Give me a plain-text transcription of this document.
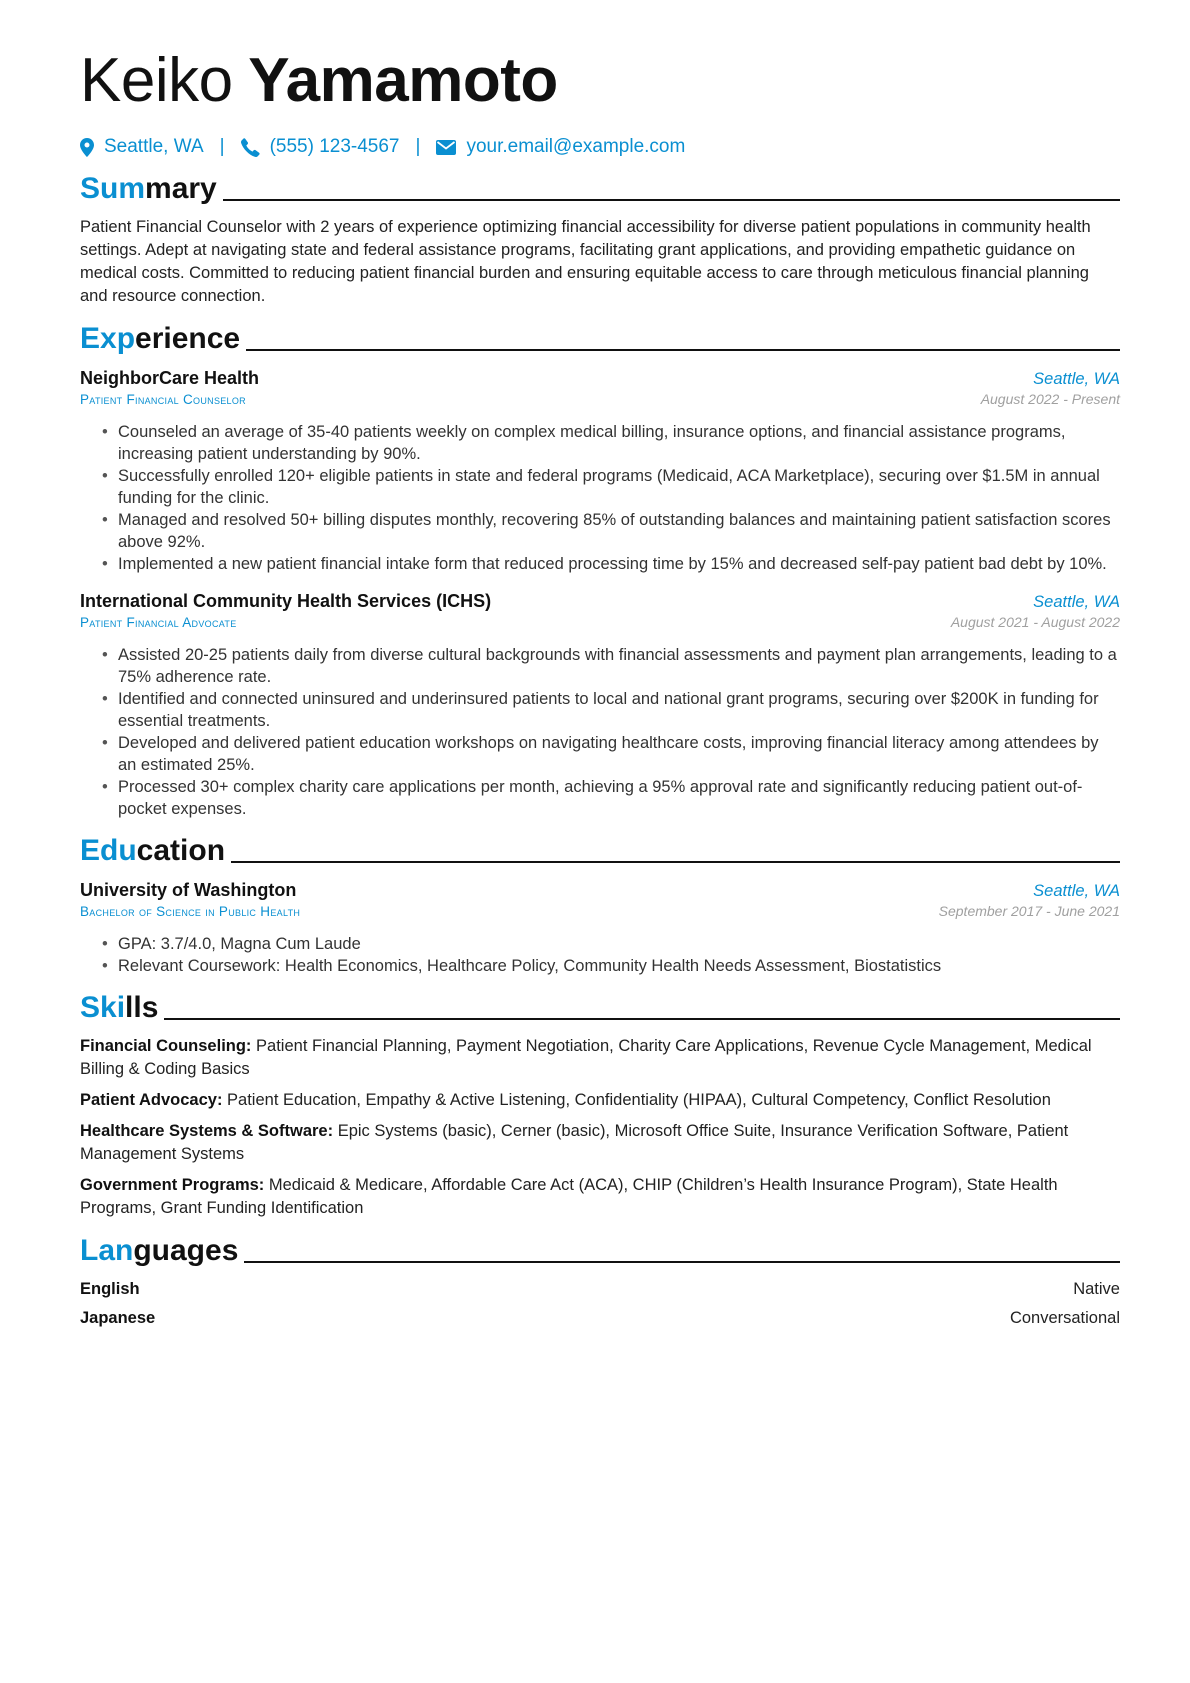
Keiko Yamamoto
Seattle, WA | (555) 123-4567 | your.email@example.com
Summary

Patient Financial Counselor with 2 years of experience optimizing financial accessibility for diverse patient populations in community health settings. Adept at navigating state and federal assistance programs, facilitating grant applications, and providing empathetic guidance on medical costs. Committed to reducing patient financial burden and ensuring equitable access to care through meticulous financial planning and resource connection.

Experience
NeighborCare Health	Seattle, WA
Patient Financial Counselor	August 2022 - Present
• Counseled an average of 35-40 patients weekly on complex medical billing, insurance options, and financial assistance programs, increasing patient understanding by 90%.
• Successfully enrolled 120+ eligible patients in state and federal programs (Medicaid, ACA Marketplace), securing over $1.5M in annual funding for the clinic.
• Managed and resolved 50+ billing disputes monthly, recovering 85% of outstanding balances and maintaining patient satisfaction scores above 92%.
• Implemented a new patient financial intake form that reduced processing time by 15% and decreased self-pay patient bad debt by 10%.
International Community Health Services (ICHS)	Seattle, WA
Patient Financial Advocate	August 2021 - August 2022
• Assisted 20-25 patients daily from diverse cultural backgrounds with financial assessments and payment plan arrangements, leading to a 75% adherence rate.
• Identified and connected uninsured and underinsured patients to local and national grant programs, securing over $200K in funding for essential treatments.
• Developed and delivered patient education workshops on navigating healthcare costs, improving financial literacy among attendees by an estimated 25%.
• Processed 30+ complex charity care applications per month, achieving a 95% approval rate and significantly reducing patient out-of-pocket expenses.
Education
University of Washington	Seattle, WA
Bachelor of Science in Public Health	September 2017 - June 2021
• GPA: 3.7/4.0, Magna Cum Laude
• Relevant Coursework: Health Economics, Healthcare Policy, Community Health Needs Assessment, Biostatistics
Skills
Financial Counseling: Patient Financial Planning, Payment Negotiation, Charity Care Applications, Revenue Cycle Management, Medical Billing & Coding Basics
Patient Advocacy: Patient Education, Empathy & Active Listening, Confidentiality (HIPAA), Cultural Competency, Conflict Resolution
Healthcare Systems & Software: Epic Systems (basic), Cerner (basic), Microsoft Office Suite, Insurance Verification Software, Patient Management Systems
Government Programs: Medicaid & Medicare, Affordable Care Act (ACA), CHIP (Children’s Health Insurance Program), State Health Programs, Grant Funding Identification
Languages
English	Native
Japanese	Conversational
